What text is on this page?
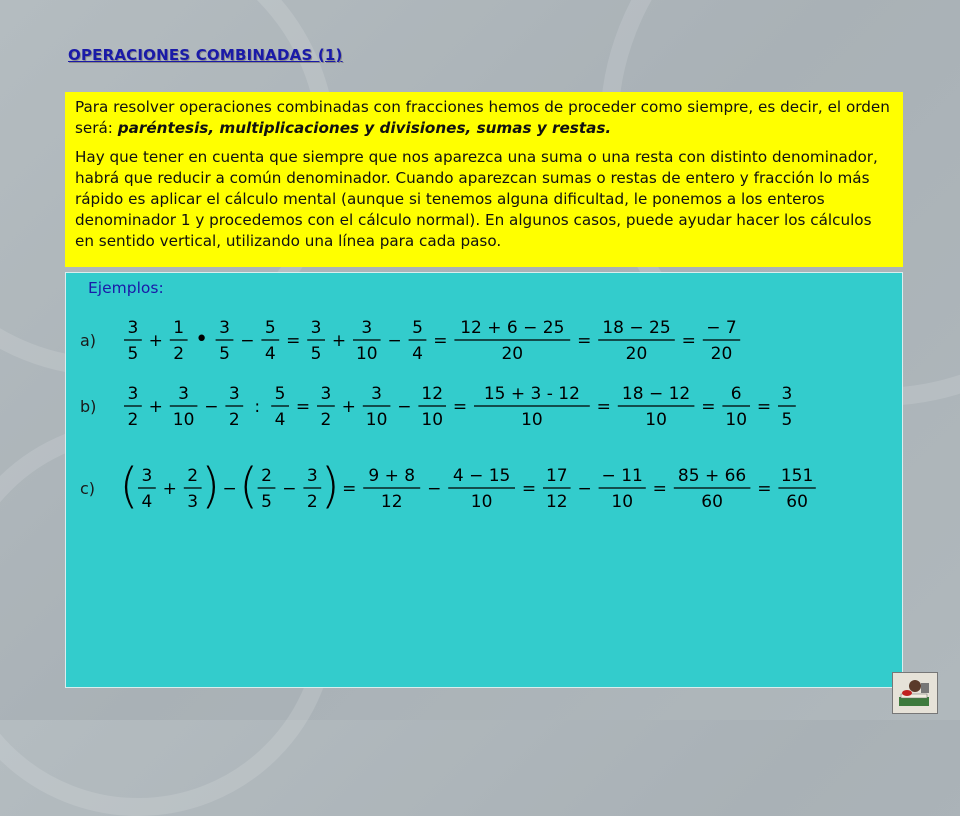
OPERACIONES COMBINADAS (1)

Para resolver operaciones combinadas con fracciones hemos de proceder como siempre, es decir, el orden será: paréntesis, multiplicaciones y divisiones, sumas y restas.

Hay que tener en cuenta que siempre que nos aparezca una suma o una resta con distinto denominador, habrá que reducir a común denominador. Cuando aparezcan sumas o restas de entero y fracción lo más rápido es aplicar el cálculo mental (aunque si tenemos alguna dificultad, le ponemos a los enteros denominador 1 y procedemos con el cálculo normal). En algunos casos, puede ayudar hacer los cálculos en sentido vertical, utilizando una línea para cada paso.

Ejemplos:
a)
3
5
+
1
2
• 3
5
−
5
4
=
3
5
+
3
10
−
5
4
=
12 + 6 − 25
20
=
18 − 25
20
=
− 7
20
b)
3
2
+
3
10
−
3
2
:
5
4
=
3
2
+
3
10
−
12
10
=
15 + 3 - 12
10
=
18 − 12
10
=
6
10
=
3
5
c) ( 3
4
+
2
3 ) − ( 2
5
−
3
2 ) =
9 + 8
12
−
4 − 15
10
=
17
12
−
− 11
10
=
85 + 66
60
=
151
60
